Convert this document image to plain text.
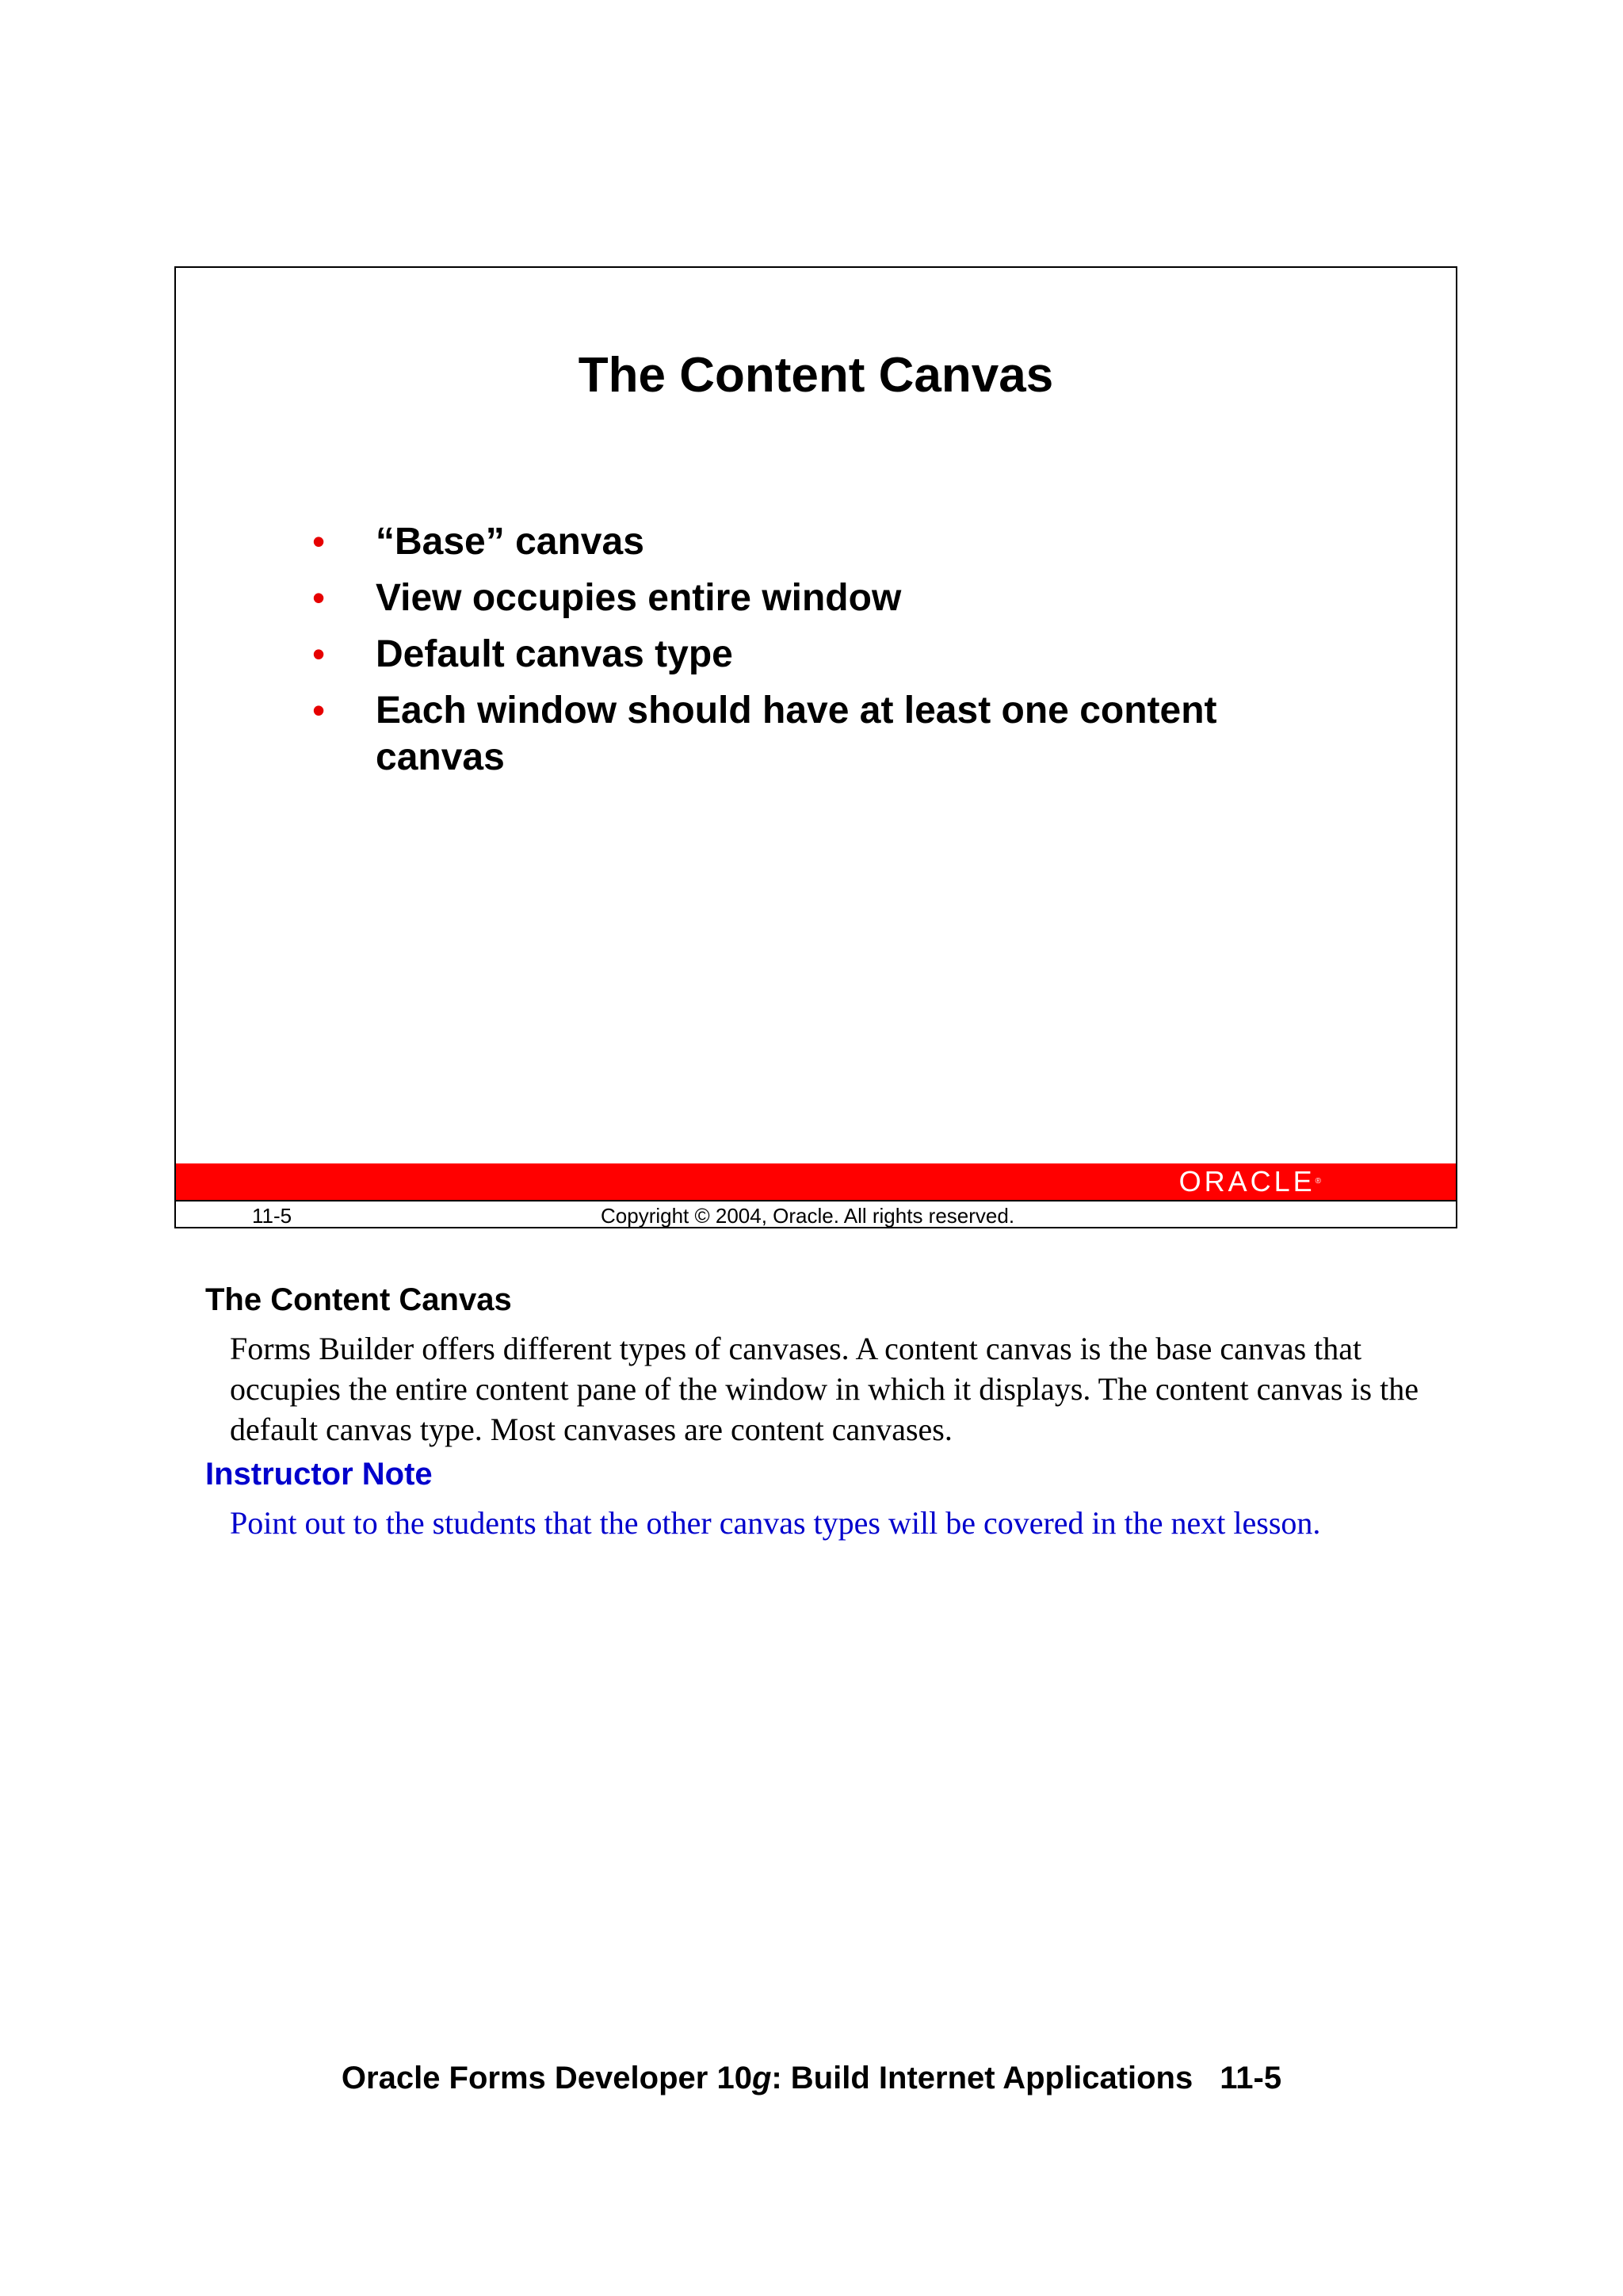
The Content Canvas
• “Base” canvas
• View occupies entire window
• Default canvas type
• Each window should have at least one content canvas
ORACLE®
11-5	Copyright © 2004, Oracle. All rights reserved.
The Content Canvas

Forms Builder offers different types of canvases. A content canvas is the base canvas that occupies the entire content pane of the window in which it displays. The content canvas is the default canvas type. Most canvases are content canvases.

Instructor Note

Point out to the students that the other canvas types will be covered in the next lesson.

Oracle Forms Developer 10g: Build Internet Applications 11-5
